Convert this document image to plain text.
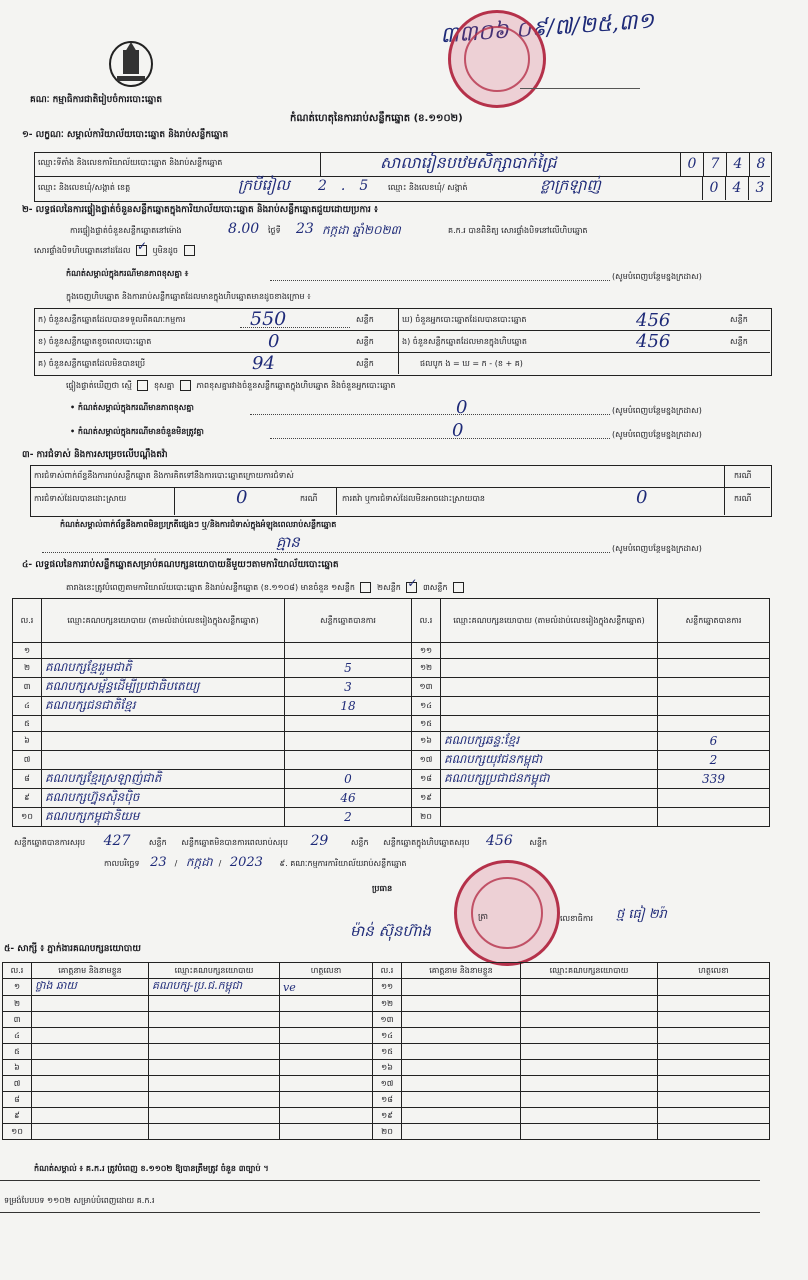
៣៣០៦ ០៩/៧/២៥,៣១
គណៈ កម្មាធិការជាតិរៀបចំការបោះឆ្នោត
កំណត់ហេតុនៃការរាប់សន្លឹកឆ្នោត (ខ.១១០២)
១- លក្ខណៈ សម្គាល់ការិយាល័យបោះឆ្នោត និងរាប់សន្លឹកឆ្នោត
ឈ្មោះទីតាំង និងលេខការិយាល័យបោះឆ្នោត និងរាប់សន្លឹកឆ្នោត	សាលារៀនបឋមសិក្សាបាក់ជ្រៃ	0 7 4 8
ឈ្មោះ និងលេខឃុំ/សង្កាត់ ខេត្ត	ក្របីរៀល 2.5 ឈ្មោះ និងលេខឃុំ/ សង្កាត់	ខ្លាក្រឡាញ់	0 4 3
២- លទ្ធផលនៃការផ្ទៀងផ្ទាត់ចំនួនសន្លឹកឆ្នោតក្នុងការិយាល័យបោះឆ្នោត និងរាប់សន្លឹកឆ្នោតជួយដោយប្រការ ៖
ការផ្ទៀងផ្ទាត់ចំនួនសន្លឹកឆ្នោតនៅម៉ោង	8.00 ថ្ងៃទី 23 កក្កដា ឆ្នាំ២០២៣	គ.ក.រ បានពិនិត្យ សោរផ្ទាំងបិទនៅលើហិបឆ្នោត
សោរផ្ទាំងបិទហិបឆ្នោតនៅដដែល ✓	ឬមិនដូច
កំណត់សម្គាល់ក្នុងករណីមានភាពខុសគ្នា ៖	(សូមបំពេញបន្ថែមខ្នងក្រដាស)
ក្នុងចេញហិបឆ្នោត និងការរាប់សន្លឹកឆ្នោតដែលមានក្នុងហិបឆ្នោតមានដូចខាងក្រោម ៖
ក) ចំនួនសន្លឹកឆ្នោតដែលបានទទួលពីគណៈកម្មការ	550	សន្លឹក	ឃ) ចំនួនអ្នកបោះឆ្នោតដែលបានបោះឆ្នោត	456	សន្លឹក
ខ) ចំនួនសន្លឹកឆ្នោតខូចពេលបោះឆ្នោត	0	សន្លឹក	ង) ចំនួនសន្លឹកឆ្នោតដែលមានក្នុងហិបឆ្នោត	456	សន្លឹក
គ) ចំនួនសន្លឹកឆ្នោតដែលមិនបានប្រើ	94	សន្លឹក	ផលបូក ង = ឃ = ក - (ខ + គ)
ផ្ទៀងផ្ទាត់ឃើញថា ស្មើ	ខុសគ្នា	ភាពខុសគ្នារវាងចំនួនសន្លឹកឆ្នោតក្នុងហិបឆ្នោត និងចំនួនអ្នកបោះឆ្នោត
• កំណត់សម្គាល់ក្នុងករណីមានភាពខុសគ្នា	0	(សូមបំពេញបន្ថែមខ្នងក្រដាស)
• កំណត់សម្គាល់ក្នុងករណីមានចំនួនមិនត្រូវគ្នា	0	(សូមបំពេញបន្ថែមខ្នងក្រដាស)
៣- ការជំទាស់ និងការសម្រេចលើបណ្តឹងតវ៉ា
ការជំទាស់ពាក់ព័ន្ធនឹងការរាប់សន្លឹកឆ្នោត និងការគិតទៅនឹងការបោះឆ្នោតក្រោយការជំទាស់	ករណី
ការជំទាស់ដែលបានដោះស្រាយ	0	ករណី	ការតវ៉ា ឬការជំទាស់ដែលមិនអាចដោះស្រាយបាន	0	ករណី
កំណត់សម្គាល់ពាក់ព័ន្ធនឹងភាពមិនប្រក្រតីផ្សេងៗ ឬ/និងការជំទាស់ក្នុងអំឡុងពេលរាប់សន្លឹកឆ្នោត
គ្មាន	(សូមបំពេញបន្ថែមខ្នងក្រដាស)
៤- លទ្ធផលនៃការរាប់សន្លឹកឆ្នោតសម្រាប់គណបក្សនយោបាយនីមួយៗតាមការិយាល័យបោះឆ្នោត
តារាងនេះត្រូវបំពេញតាមការិយាល័យបោះឆ្នោត និងរាប់សន្លឹកឆ្នោត (ខ.១១០៨) មានចំនួន ១សន្លឹក	២សន្លឹក ✓	៣សន្លឹក
ល.រ	ឈ្មោះគណបក្សនយោបាយ (តាមលំដាប់លេខរៀងក្នុងសន្លឹកឆ្នោត)	សន្លឹកឆ្នោតបានការ	ល.រ	ឈ្មោះគណបក្សនយោបាយ (តាមលំដាប់លេខរៀងក្នុងសន្លឹកឆ្នោត)	សន្លឹកឆ្នោតបានការ
១			១១		
២	គណបក្សខ្មែររួមជាតិ	5	១២		
៣	គណបក្សសម្ព័ន្ធដើម្បីប្រជាធិបតេយ្យ	3	១៣		
៤	គណបក្សជនជាតិខ្មែរ	18	១៤		
៥			១៥		
៦			១៦	គណបក្សឆន្ទៈខ្មែរ	6
៧			១៧	គណបក្សយុវជនកម្ពុជា	2
៨	គណបក្សខ្មែរស្រឡាញ់ជាតិ	0	១៨	គណបក្សប្រជាជនកម្ពុជា	339
៩	គណបក្សហ្វ៊ុនស៊ិនប៉ិច	46	១៩		
១០	គណបក្សកម្ពុជានិយម	2	២០		
សន្លឹកឆ្នោតបានការសរុប 427 សន្លឹក សន្លឹកឆ្នោតមិនបានការពេលរាប់សរុប 29	សន្លឹក សន្លឹកឆ្នោតក្នុងហិបឆ្នោតសរុប 456 សន្លឹក
កាលបរិច្ឆេទ 23 / កក្កដា / 2023 ៩. គណៈកម្មការការិយាល័យរាប់សន្លឹកឆ្នោត
ប្រធាន
ម៉ាន់ ស៊ុនហ៊ាង
ត្រា	លេខាធិការ ថ្ម ធៀ ២រ៉ា
៥- សាក្សី ៖ ភ្នាក់ងារគណបក្សនយោបាយ
ល.រ	គោត្តនាម និងនាមខ្លួន	ឈ្មោះគណបក្សនយោបាយ	ហត្ថលេខា	ល.រ	គោត្តនាម និងនាមខ្លួន	ឈ្មោះគណបក្សនយោបាយ	ហត្ថលេខា
១	ថ្លាង ឆាយ	គណបក្ស-ប្រ.ជ.កម្ពុជា	ve	១១			
២				១២			
៣				១៣			
៤				១៤			
៥				១៥			
៦				១៦			
៧				១៧			
៨				១៨			
៩				១៩			
១០				២០			
កំណត់សម្គាល់ ៖ គ.ក.រ ត្រូវបំពេញ ខ.១១០២ ឱ្យបានត្រឹមត្រូវ ចំនួន ៣ច្បាប់ ។
ទម្រង់បែបបទ ១១០២ សម្រាប់បំពេញដោយ គ.ក.រ
